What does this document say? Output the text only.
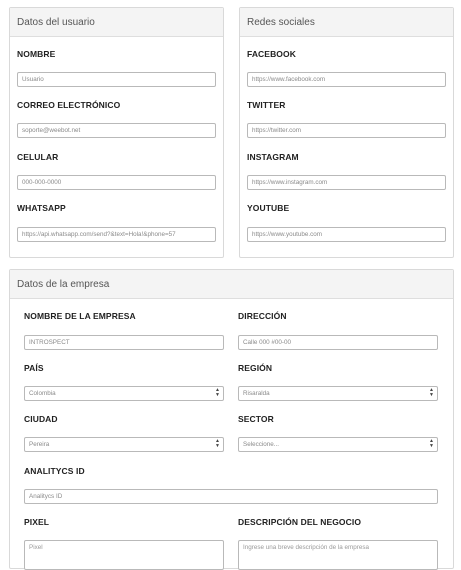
Datos del usuario
NOMBRE
Usuario
CORREO ELECTRÓNICO
soporte@weebot.net
CELULAR
000-000-0000
WHATSAPP
https://api.whatsapp.com/send?&text=Hola!&phone=57
Redes sociales
FACEBOOK
https://www.facebook.com
TWITTER
https://twitter.com
INSTAGRAM
https://www.instagram.com
YOUTUBE
https://www.youtube.com
Datos de la empresa
NOMBRE DE LA EMPRESA
INTROSPECT
DIRECCIÓN
Calle 000 #00-00
PAÍS
Colombia	▲
▼
REGIÓN
Risaralda	▲
▼
CIUDAD
Pereira	▲
▼
SECTOR
Seleccione...	▲
▼
ANALITYCS ID
Analitycs ID
PIXEL
Pixel
DESCRIPCIÓN DEL NEGOCIO
Ingrese una breve descripción de la empresa
